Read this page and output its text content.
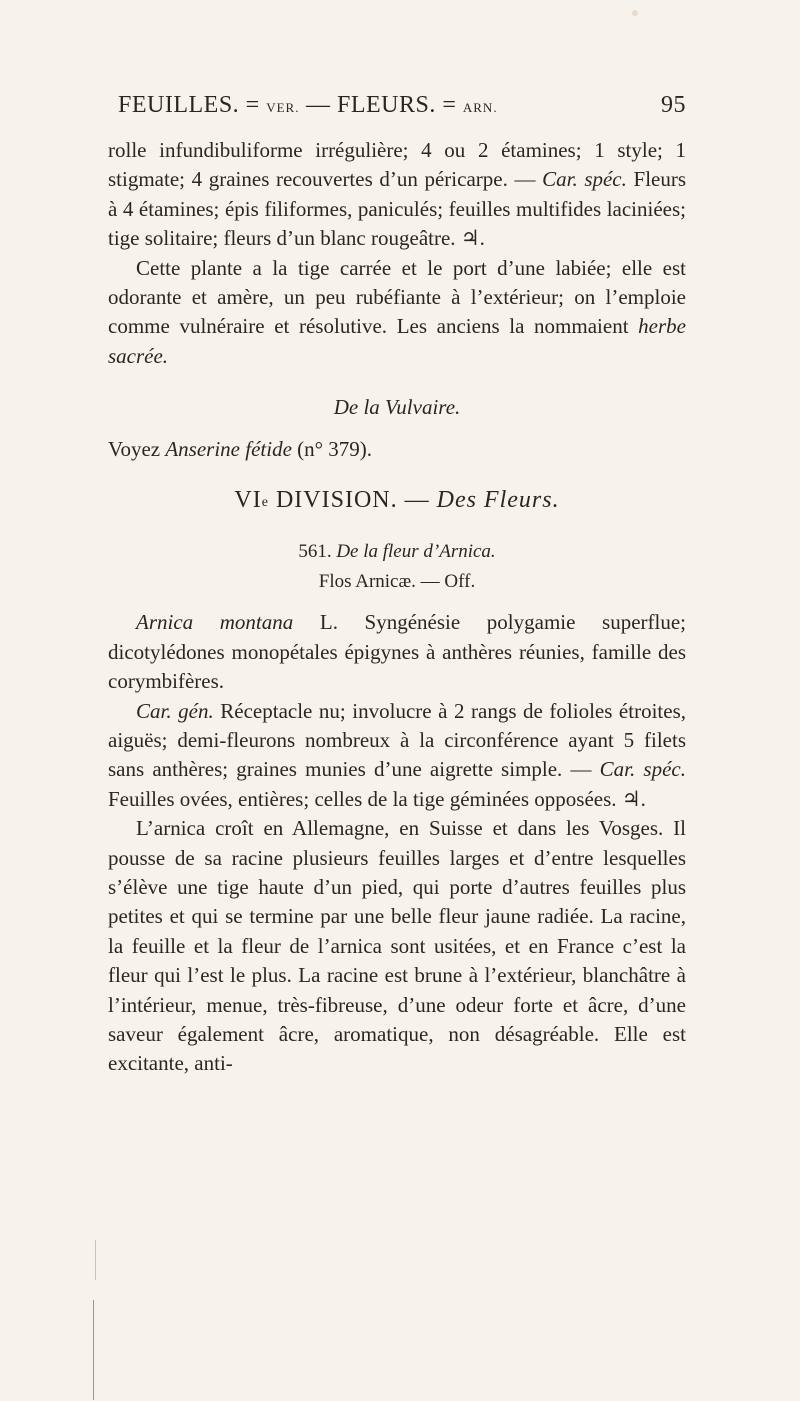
FEUILLES. = VER. — FLEURS. = ARN.	95

rolle infundibuliforme irrégulière; 4 ou 2 étamines; 1 style; 1 stigmate; 4 graines recouvertes d’un péricarpe. — Car. spéc. Fleurs à 4 étamines; épis filiformes, paniculés; feuilles multifides laciniées; tige solitaire; fleurs d’un blanc rougeâtre. ♃.

Cette plante a la tige carrée et le port d’une labiée; elle est odorante et amère, un peu rubéfiante à l’extérieur; on l’emploie comme vulnéraire et résolutive. Les anciens la nommaient herbe sacrée.

De la Vulvaire.

Voyez Anserine fétide (n° 379).

VIe DIVISION. — Des Fleurs.

561. De la fleur d’Arnica.

Flos Arnicæ. — Off.

Arnica montana L. Syngénésie polygamie superflue; dicotylédones monopétales épigynes à anthères réunies, famille des corymbifères.

Car. gén. Réceptacle nu; involucre à 2 rangs de folioles étroites, aiguës; demi-fleurons nombreux à la circonférence ayant 5 filets sans anthères; graines munies d’une aigrette simple. — Car. spéc. Feuilles ovées, entières; celles de la tige géminées opposées. ♃.

L’arnica croît en Allemagne, en Suisse et dans les Vosges. Il pousse de sa racine plusieurs feuilles larges et d’entre lesquelles s’élève une tige haute d’un pied, qui porte d’autres feuilles plus petites et qui se termine par une belle fleur jaune radiée. La racine, la feuille et la fleur de l’arnica sont usitées, et en France c’est la fleur qui l’est le plus. La racine est brune à l’extérieur, blanchâtre à l’intérieur, menue, très-fibreuse, d’une odeur forte et âcre, d’une saveur également âcre, aromatique, non désagréable. Elle est excitante, anti-
